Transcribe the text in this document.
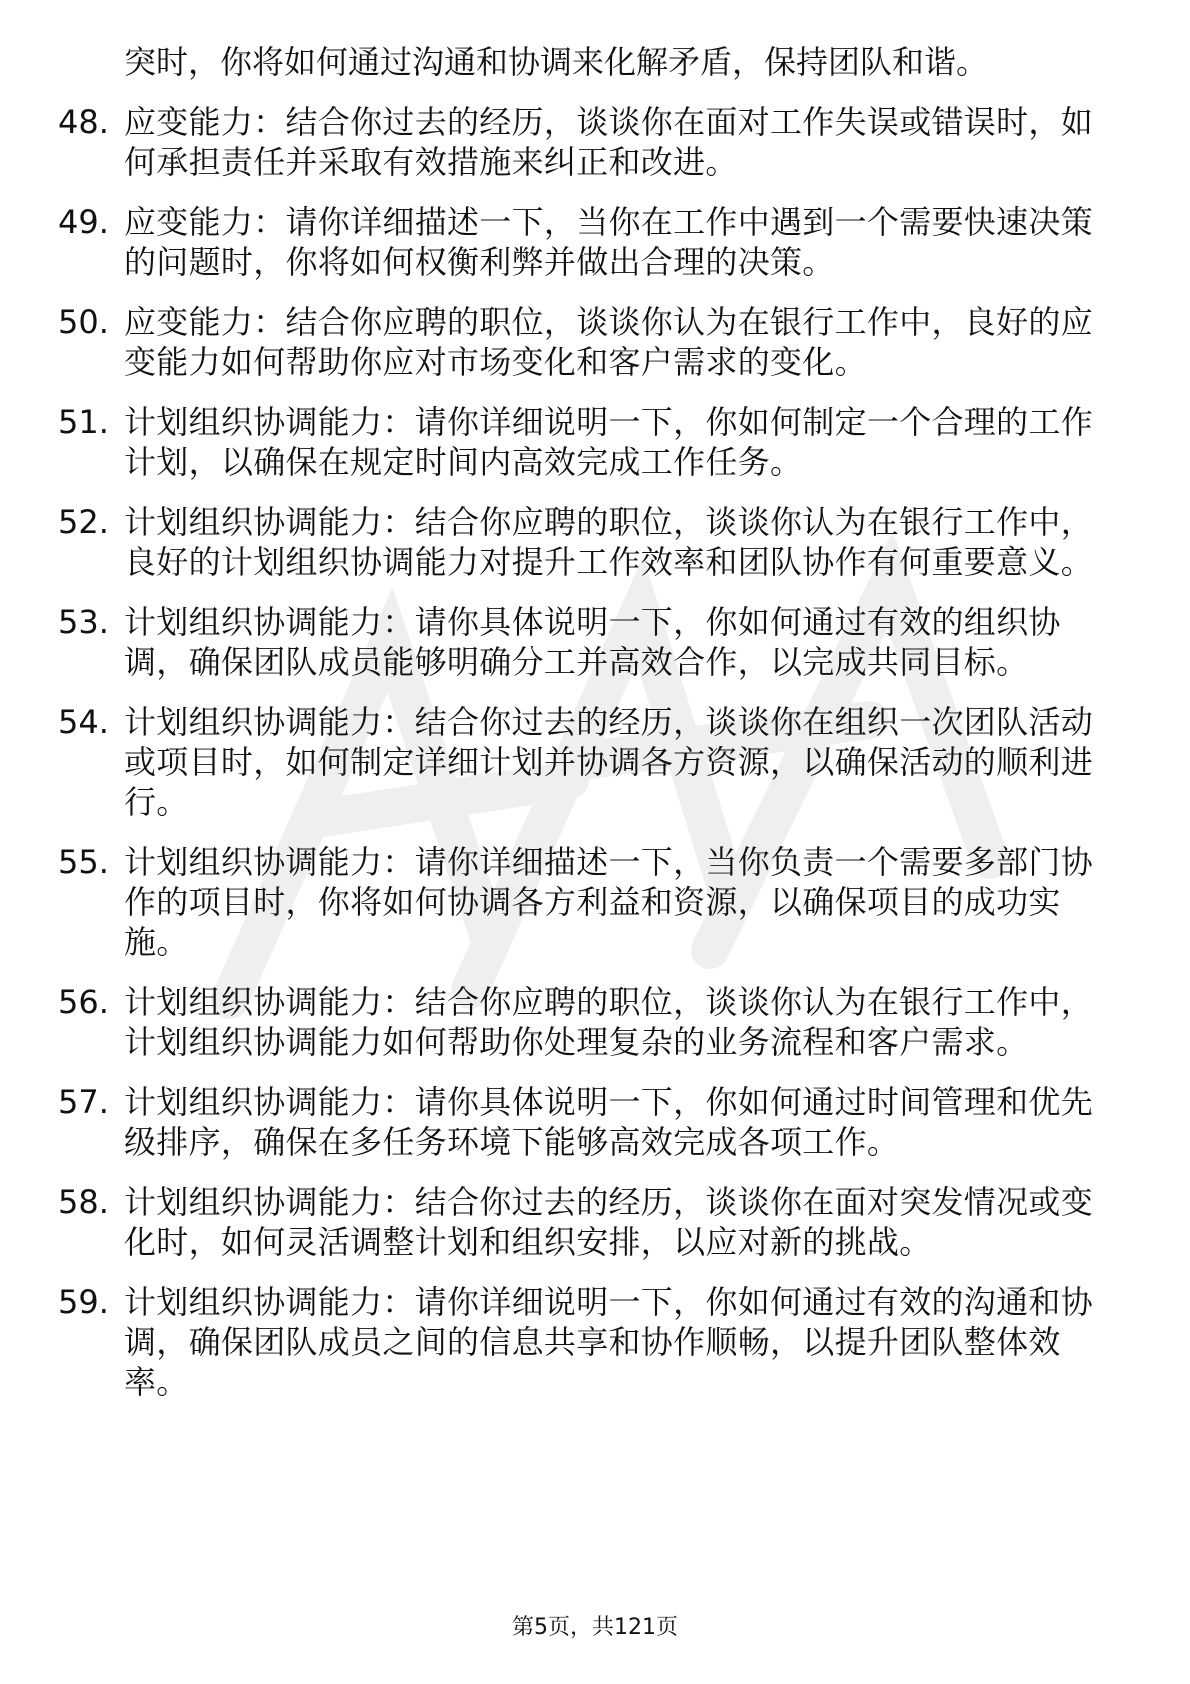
突时，你将如何通过沟通和协调来化解矛盾，保持团队和谐。
48. 应变能力：结合你过去的经历，谈谈你在面对工作失误或错误时，如何承担责任并采取有效措施来纠正和改进。
49. 应变能力：请你详细描述一下，当你在工作中遇到一个需要快速决策的问题时，你将如何权衡利弊并做出合理的决策。
50. 应变能力：结合你应聘的职位，谈谈你认为在银行工作中，良好的应变能力如何帮助你应对市场变化和客户需求的变化。
51. 计划组织协调能力：请你详细说明一下，你如何制定一个合理的工作计划，以确保在规定时间内高效完成工作任务。
52. 计划组织协调能力：结合你应聘的职位，谈谈你认为在银行工作中，良好的计划组织协调能力对提升工作效率和团队协作有何重要意义。
53. 计划组织协调能力：请你具体说明一下，你如何通过有效的组织协调，确保团队成员能够明确分工并高效合作，以完成共同目标。
54. 计划组织协调能力：结合你过去的经历，谈谈你在组织一次团队活动或项目时，如何制定详细计划并协调各方资源，以确保活动的顺利进行。
55. 计划组织协调能力：请你详细描述一下，当你负责一个需要多部门协作的项目时，你将如何协调各方利益和资源，以确保项目的成功实施。
56. 计划组织协调能力：结合你应聘的职位，谈谈你认为在银行工作中，计划组织协调能力如何帮助你处理复杂的业务流程和客户需求。
57. 计划组织协调能力：请你具体说明一下，你如何通过时间管理和优先级排序，确保在多任务环境下能够高效完成各项工作。
58. 计划组织协调能力：结合你过去的经历，谈谈你在面对突发情况或变化时，如何灵活调整计划和组织安排，以应对新的挑战。
59. 计划组织协调能力：请你详细说明一下，你如何通过有效的沟通和协调，确保团队成员之间的信息共享和协作顺畅，以提升团队整体效率。
第5页，共121页
